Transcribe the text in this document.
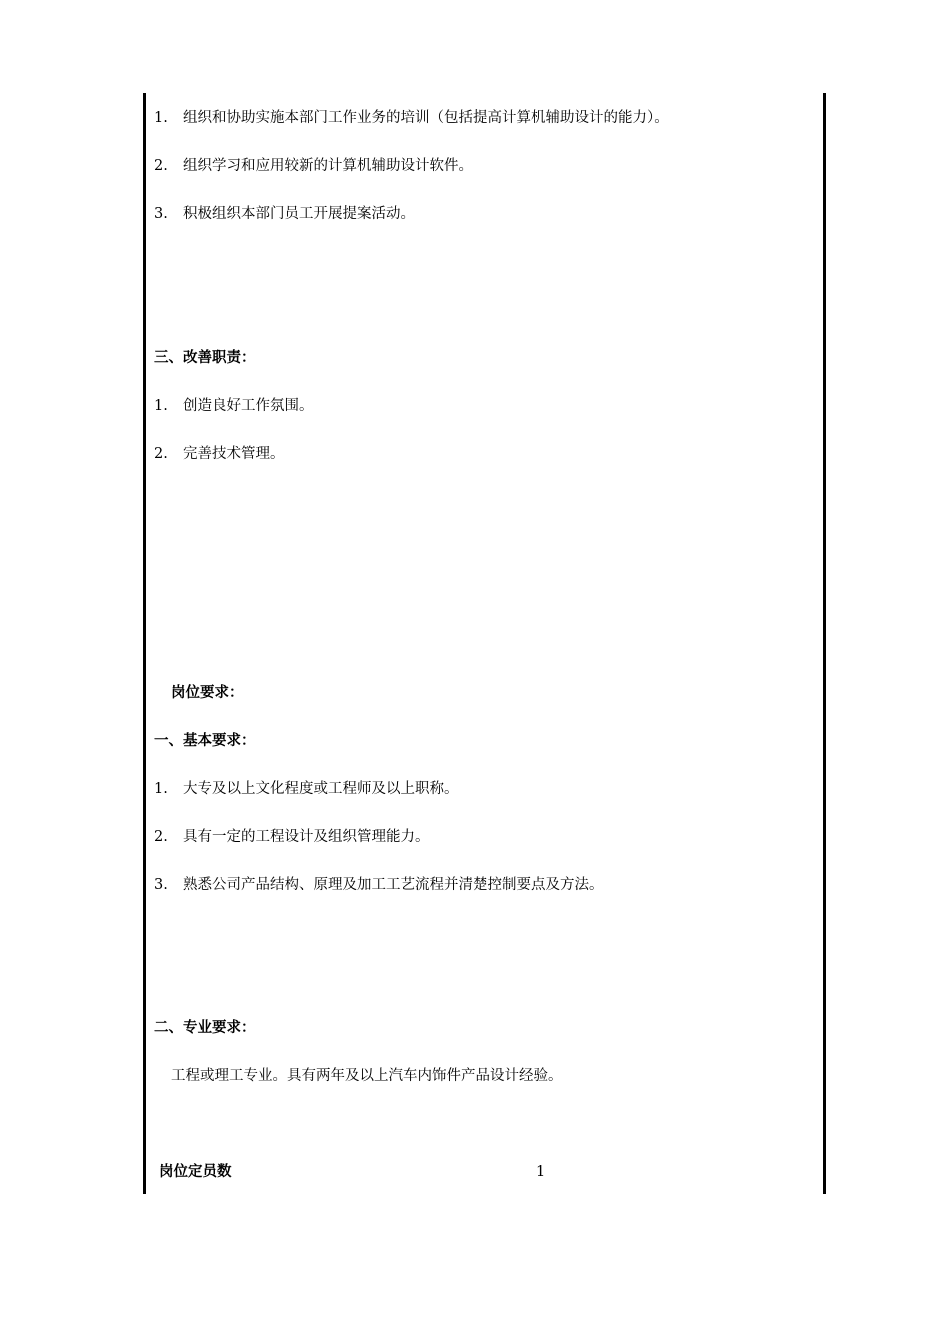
1. 组织和协助实施本部门工作业务的培训（包括提高计算机辅助设计的能力）。
2. 组织学习和应用较新的计算机辅助设计软件。
3. 积极组织本部门员工开展提案活动。
三、改善职责：
1. 创造良好工作氛围。
2. 完善技术管理。
岗位要求：
一、基本要求：
1. 大专及以上文化程度或工程师及以上职称。
2. 具有一定的工程设计及组织管理能力。
3. 熟悉公司产品结构、原理及加工工艺流程并清楚控制要点及方法。
二、专业要求：
工程或理工专业。具有两年及以上汽车内饰件产品设计经验。
岗位定员数	1
